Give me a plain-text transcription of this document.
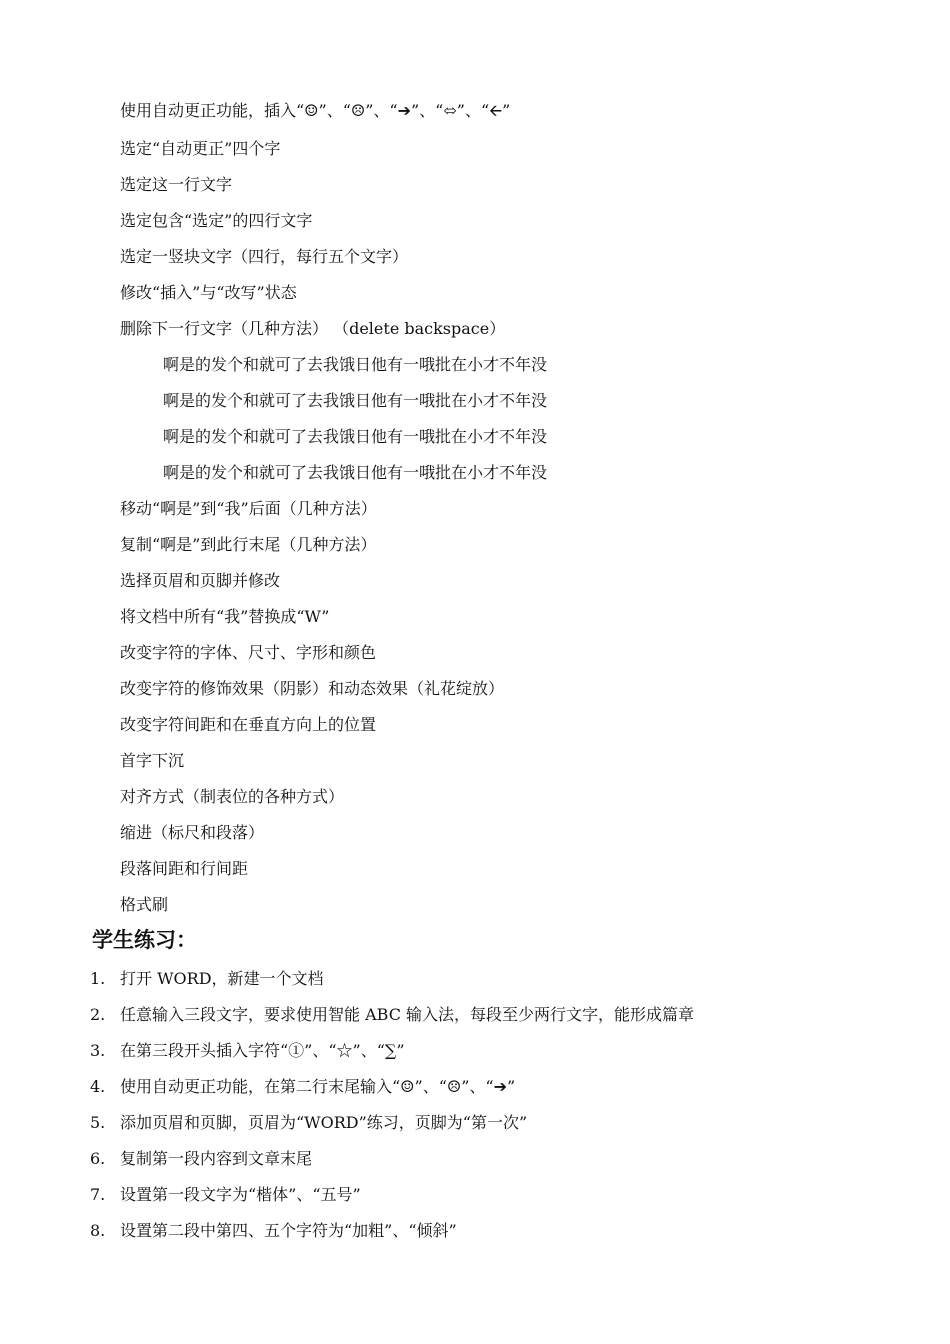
使用自动更正功能，插入“☺”、“☹”、“➔”、“⬄”、“🡨”
选定“自动更正”四个字
选定这一行文字
选定包含“选定”的四行文字
选定一竖块文字（四行，每行五个文字）
修改“插入”与“改写”状态
删除下一行文字（几种方法） （delete backspace）
啊是的发个和就可了去我饿日他有一哦批在小才不年没
啊是的发个和就可了去我饿日他有一哦批在小才不年没
啊是的发个和就可了去我饿日他有一哦批在小才不年没
啊是的发个和就可了去我饿日他有一哦批在小才不年没
移动“啊是”到“我”后面（几种方法）
复制“啊是”到此行末尾（几种方法）
选择页眉和页脚并修改
将文档中所有“我”替换成“W”
改变字符的字体、尺寸、字形和颜色
改变字符的修饰效果（阴影）和动态效果（礼花绽放）
改变字符间距和在垂直方向上的位置
首字下沉
对齐方式（制表位的各种方式）
缩进（标尺和段落）
段落间距和行间距
格式刷
学生练习：
1. 打开 WORD，新建一个文档
2. 任意输入三段文字，要求使用智能 ABC 输入法，每段至少两行文字，能形成篇章
3. 在第三段开头插入字符“①”、“☆”、“∑”
4. 使用自动更正功能，在第二行末尾输入“☺”、“☹”、“➔”
5. 添加页眉和页脚，页眉为“WORD”练习，页脚为“第一次”
6. 复制第一段内容到文章末尾
7. 设置第一段文字为“楷体”、“五号”
8. 设置第二段中第四、五个字符为“加粗”、“倾斜”
